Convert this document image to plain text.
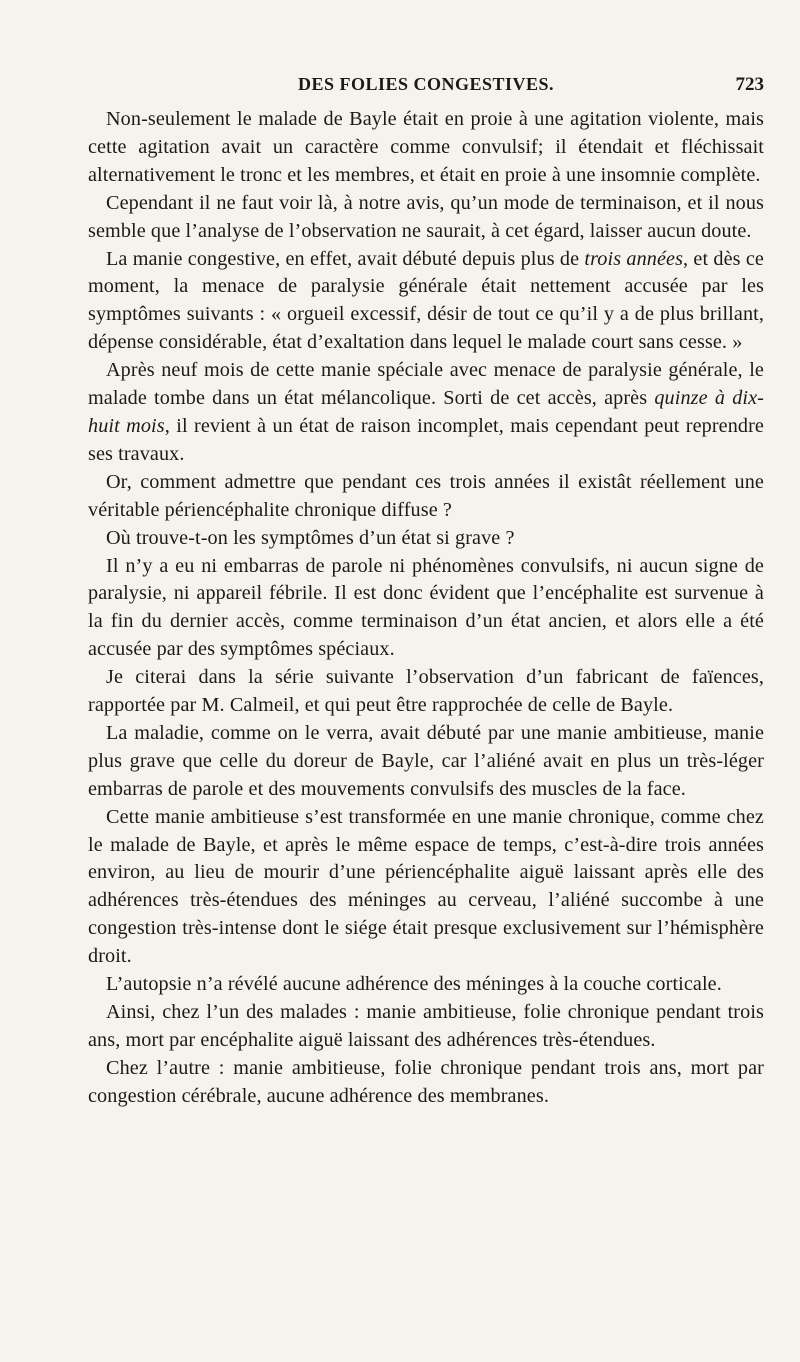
DES FOLIES CONGESTIVES.	723

Non-seulement le malade de Bayle était en proie à une agitation violente, mais cette agitation avait un caractère comme convulsif; il étendait et fléchissait alternativement le tronc et les membres, et était en proie à une insomnie complète.

Cependant il ne faut voir là, à notre avis, qu’un mode de terminaison, et il nous semble que l’analyse de l’observation ne saurait, à cet égard, laisser aucun doute.

La manie congestive, en effet, avait débuté depuis plus de trois années, et dès ce moment, la menace de paralysie générale était nettement accusée par les symptômes suivants : « orgueil excessif, désir de tout ce qu’il y a de plus brillant, dépense considérable, état d’exaltation dans lequel le malade court sans cesse. »

Après neuf mois de cette manie spéciale avec menace de paralysie générale, le malade tombe dans un état mélancolique. Sorti de cet accès, après quinze à dix-huit mois, il revient à un état de raison incomplet, mais cependant peut reprendre ses travaux.

Or, comment admettre que pendant ces trois années il existât réellement une véritable périencéphalite chronique diffuse ?

Où trouve-t-on les symptômes d’un état si grave ?

Il n’y a eu ni embarras de parole ni phénomènes convulsifs, ni aucun signe de paralysie, ni appareil fébrile. Il est donc évident que l’encéphalite est survenue à la fin du dernier accès, comme terminaison d’un état ancien, et alors elle a été accusée par des symptômes spéciaux.

Je citerai dans la série suivante l’observation d’un fabricant de faïences, rapportée par M. Calmeil, et qui peut être rapprochée de celle de Bayle.

La maladie, comme on le verra, avait débuté par une manie ambitieuse, manie plus grave que celle du doreur de Bayle, car l’aliéné avait en plus un très-léger embarras de parole et des mouvements convulsifs des muscles de la face.

Cette manie ambitieuse s’est transformée en une manie chronique, comme chez le malade de Bayle, et après le même espace de temps, c’est-à-dire trois années environ, au lieu de mourir d’une périencéphalite aiguë laissant après elle des adhérences très-étendues des méninges au cerveau, l’aliéné succombe à une congestion très-intense dont le siége était presque exclusivement sur l’hémisphère droit.

L’autopsie n’a révélé aucune adhérence des méninges à la couche corticale.

Ainsi, chez l’un des malades : manie ambitieuse, folie chronique pendant trois ans, mort par encéphalite aiguë laissant des adhérences très-étendues.

Chez l’autre : manie ambitieuse, folie chronique pendant trois ans, mort par congestion cérébrale, aucune adhérence des membranes.
